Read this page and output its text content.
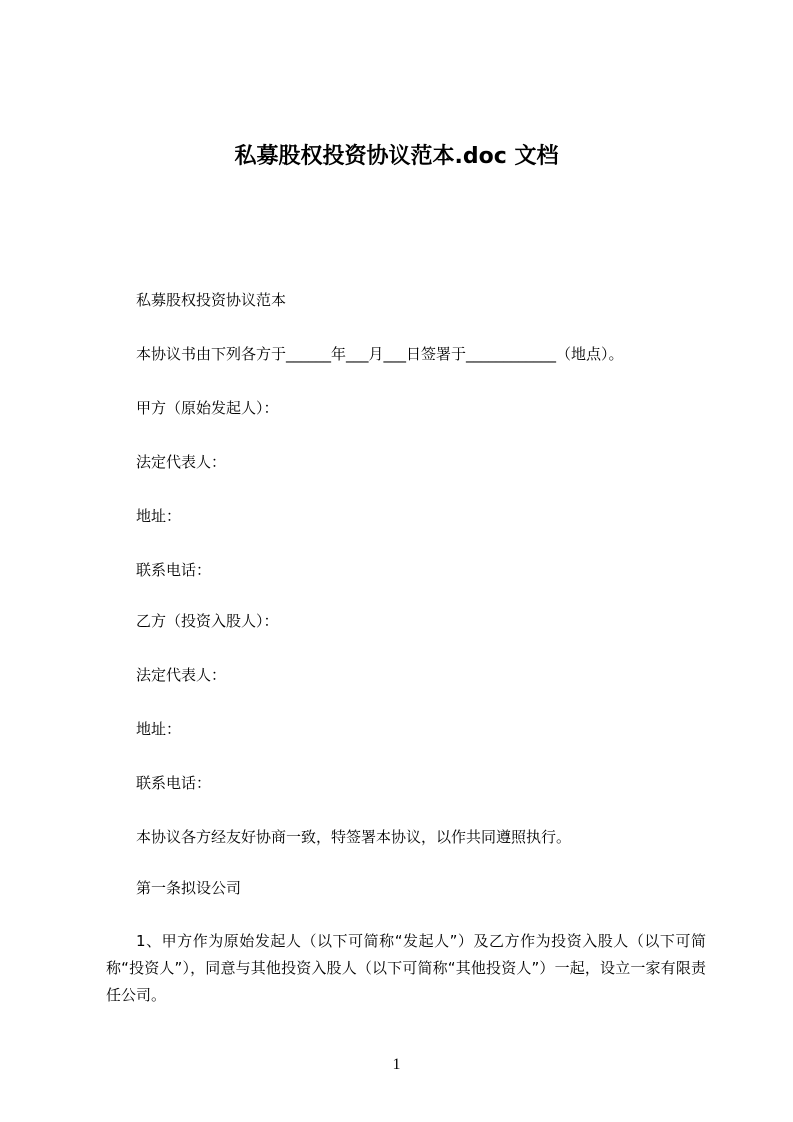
私募股权投资协议范本.doc 文档
私募股权投资协议范本
本协议书由下列各方于______年___月___日签署于____________（地点）。
甲方（原始发起人）：
法定代表人：
地址：
联系电话：
乙方（投资入股人）：
法定代表人：
地址：
联系电话：
本协议各方经友好协商一致，特签署本协议，以作共同遵照执行。
第一条拟设公司
1、甲方作为原始发起人（以下可简称“发起人”）及乙方作为投资入股人（以下可简称“投资人”），同意与其他投资入股人（以下可简称“其他投资人”）一起，设立一家有限责任公司。
1
